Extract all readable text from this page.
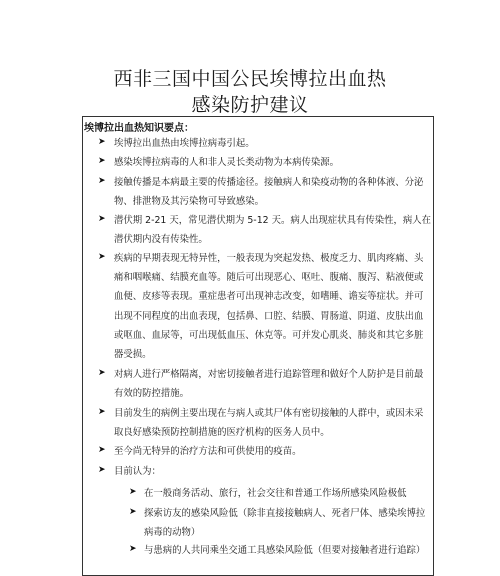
西非三国中国公民埃博拉出血热
感染防护建议
埃博拉出血热知识要点：
➤ 埃博拉出血热由埃博拉病毒引起。
➤ 感染埃博拉病毒的人和非人灵长类动物为本病传染源。
➤ 接触传播是本病最主要的传播途径。接触病人和染疫动物的各种体液、分泌
物、排泄物及其污染物可导致感染。
➤ 潜伏期 2-21 天，常见潜伏期为 5-12 天。病人出现症状具有传染性，病人在
潜伏期内没有传染性。
➤ 疾病的早期表现无特异性，一般表现为突起发热、极度乏力、肌肉疼痛、头
痛和咽喉痛、结膜充血等。随后可出现恶心、呕吐、腹痛、腹泻、粘液便或
血便、皮疹等表现。重症患者可出现神志改变，如嗜睡、谵妄等症状。并可
出现不同程度的出血表现，包括鼻、口腔、结膜、胃肠道、阴道、皮肤出血
或呕血、血尿等，可出现低血压、休克等。可并发心肌炎、肺炎和其它多脏
器受损。
➤ 对病人进行严格隔离，对密切接触者进行追踪管理和做好个人防护是目前最
有效的防控措施。
➤ 目前发生的病例主要出现在与病人或其尸体有密切接触的人群中，或因未采
取良好感染预防控制措施的医疗机构的医务人员中。
➤ 至今尚无特异的治疗方法和可供使用的疫苗。
➤ 目前认为：
➤ 在一般商务活动、旅行，社会交往和普通工作场所感染风险极低
➤ 探索访友的感染风险低（除非直接接触病人、死者尸体、感染埃博拉
病毒的动物）
➤ 与患病的人共同乘坐交通工具感染风险低（但要对接触者进行追踪）
